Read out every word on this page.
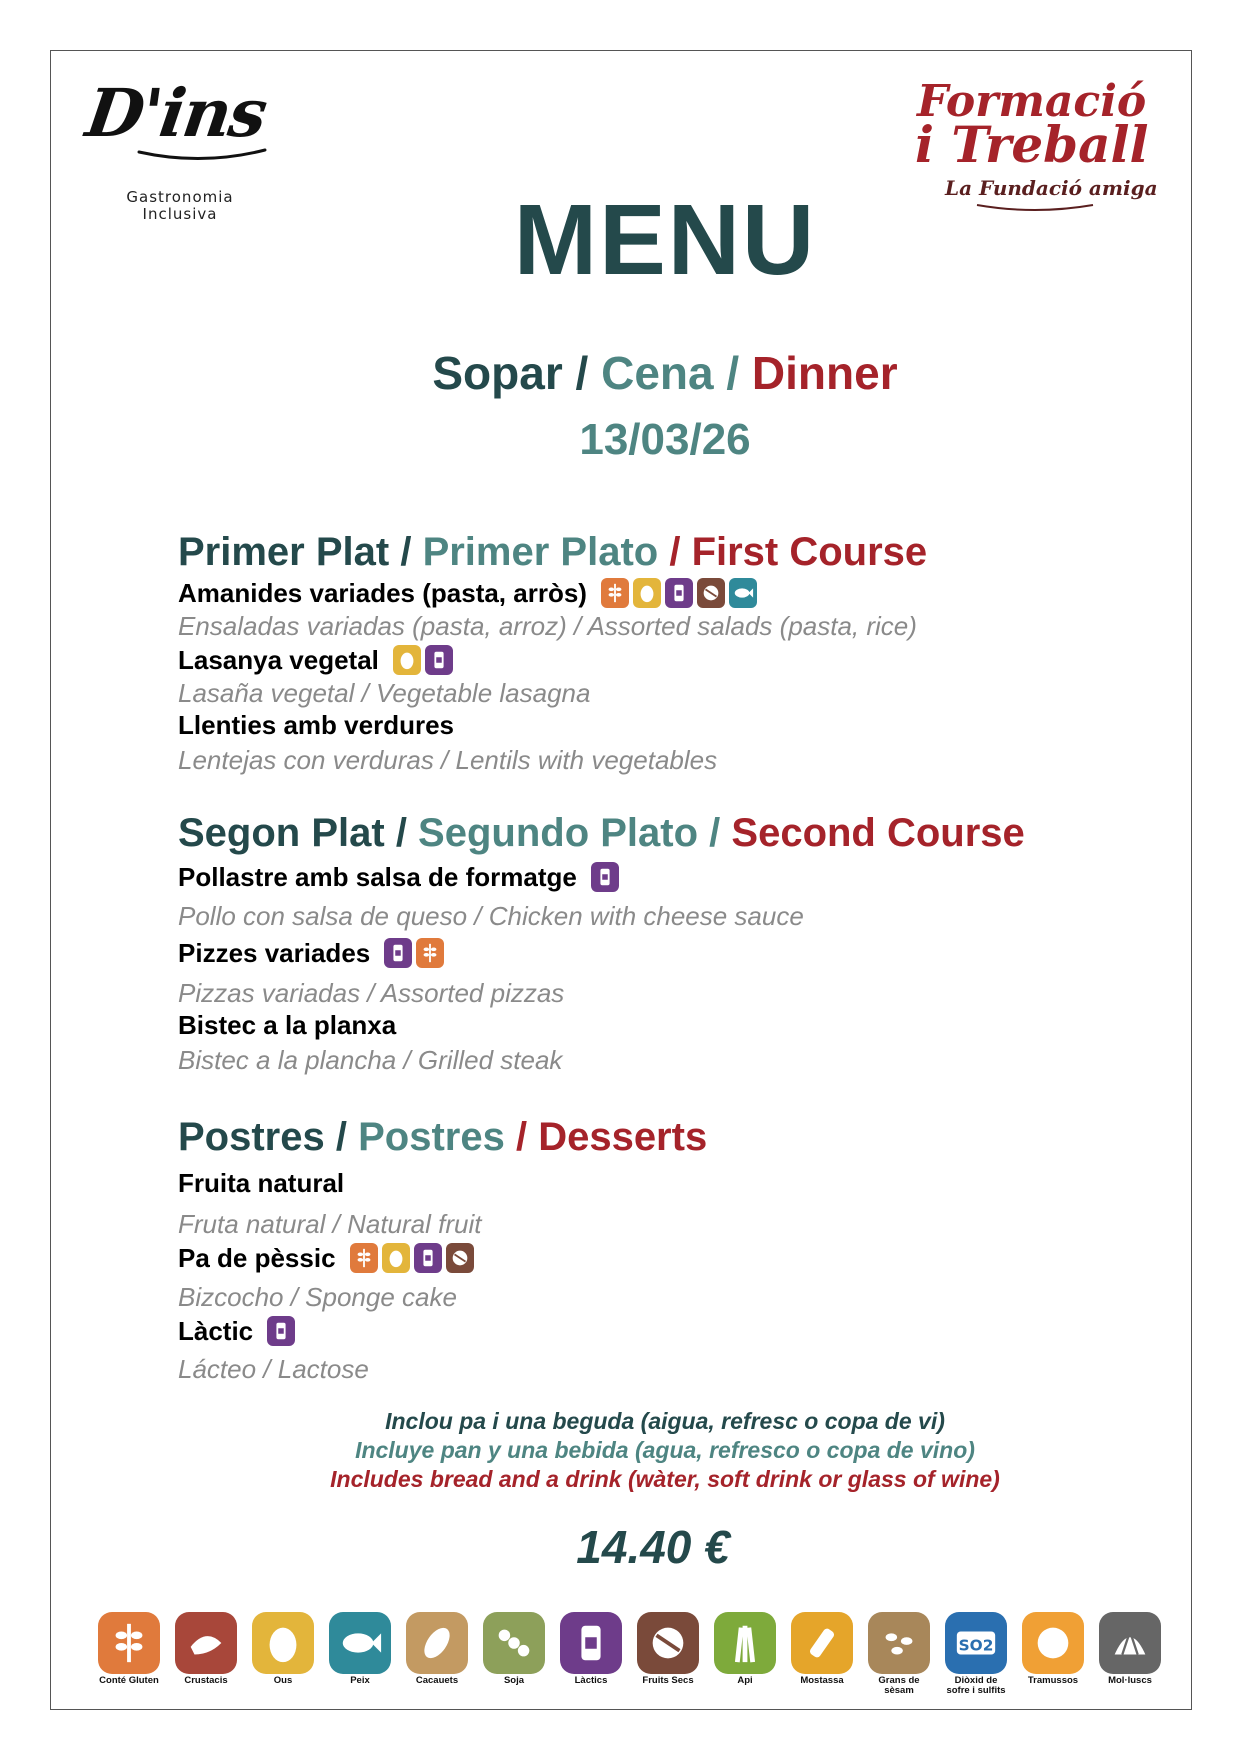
D'ins
Gastronomia
Inclusiva
Formació
i Treball
La Fundació amiga
MENU
Sopar / Cena / Dinner
13/03/26
Primer Plat / Primer Plato / First Course
Amanides variades (pasta, arròs)
Ensaladas variadas (pasta, arroz) / Assorted salads (pasta, rice)
Lasanya vegetal
Lasaña vegetal / Vegetable lasagna
Llenties amb verdures
Lentejas con verduras / Lentils with vegetables
Segon Plat / Segundo Plato / Second Course
Pollastre amb salsa de formatge
Pollo con salsa de queso / Chicken with cheese sauce
Pizzes variades
Pizzas variadas / Assorted pizzas
Bistec a la planxa
Bistec a la plancha / Grilled steak
Postres / Postres / Desserts
Fruita natural
Fruta natural / Natural fruit
Pa de pèssic
Bizcocho / Sponge cake
Làctic
Lácteo / Lactose
Inclou pa i una beguda (aigua, refresc o copa de vi)
Incluye pan y una bebida (agua, refresco o copa de vino)
Includes bread and a drink (wàter, soft drink or glass of wine)
14.40 €
Conté Gluten	Crustacis	Ous	Peix	Cacauets	Soja	Làctics	Fruits Secs	Api	Mostassa	Grans de sèsam
SO2
Diòxid de sofre i sulfits
Tramussos	Mol·luscs
